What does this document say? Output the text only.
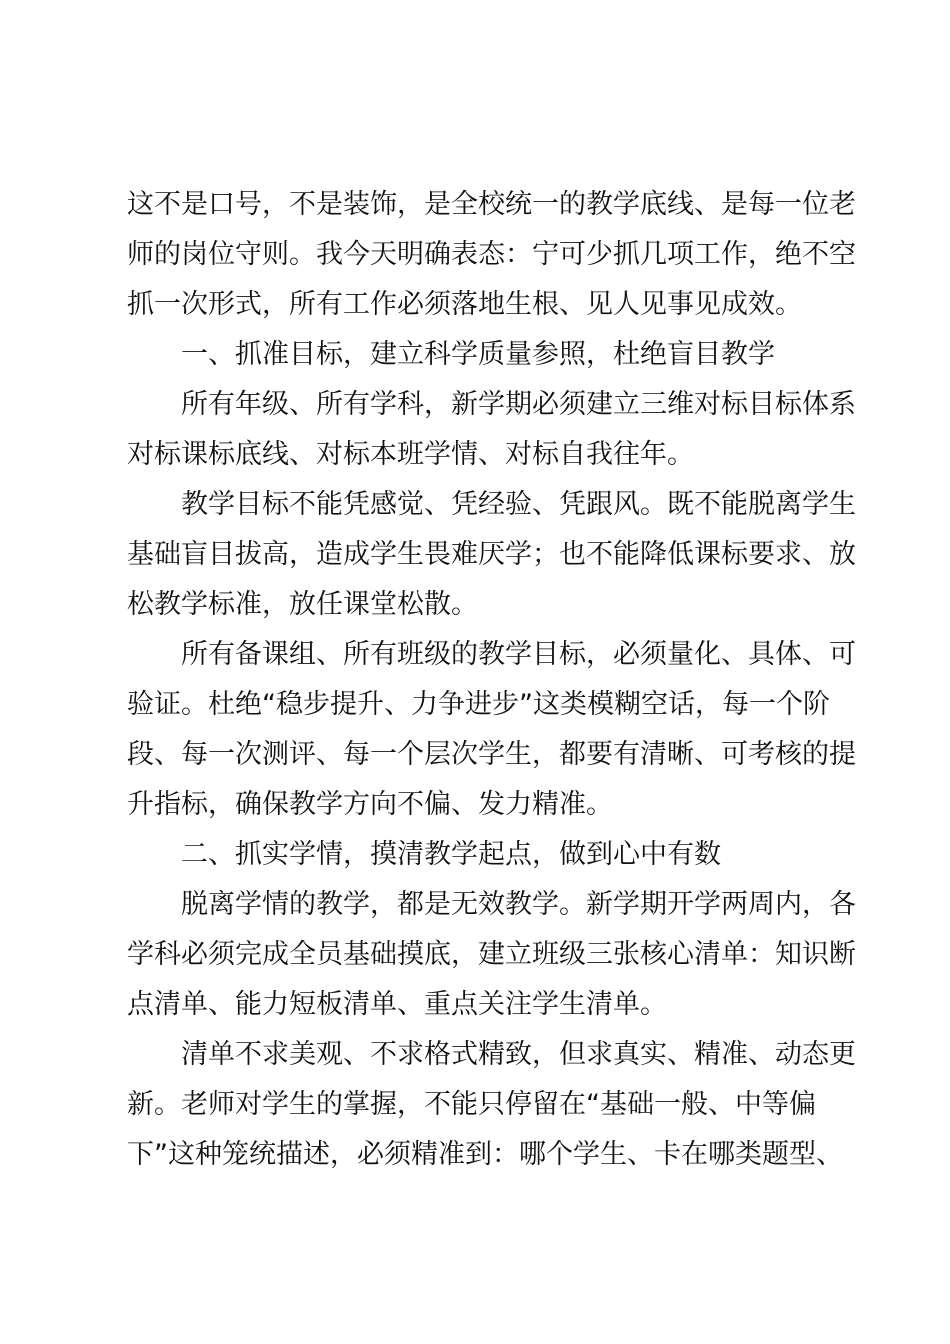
这不是口号，不是装饰，是全校统一的教学底线、是每一位老
师的岗位守则。我今天明确表态：宁可少抓几项工作，绝不空
抓一次形式，所有工作必须落地生根、见人见事见成效。
一、抓准目标，建立科学质量参照，杜绝盲目教学
所有年级、所有学科，新学期必须建立三维对标目标体系
对标课标底线、对标本班学情、对标自我往年。
教学目标不能凭感觉、凭经验、凭跟风。既不能脱离学生
基础盲目拔高，造成学生畏难厌学；也不能降低课标要求、放
松教学标准，放任课堂松散。
所有备课组、所有班级的教学目标，必须量化、具体、可
验证。杜绝“稳步提升、力争进步”这类模糊空话，每一个阶
段、每一次测评、每一个层次学生，都要有清晰、可考核的提
升指标，确保教学方向不偏、发力精准。
二、抓实学情，摸清教学起点，做到心中有数
脱离学情的教学，都是无效教学。新学期开学两周内，各
学科必须完成全员基础摸底，建立班级三张核心清单：知识断
点清单、能力短板清单、重点关注学生清单。
清单不求美观、不求格式精致，但求真实、精准、动态更
新。老师对学生的掌握，不能只停留在“基础一般、中等偏
下”这种笼统描述，必须精准到：哪个学生、卡在哪类题型、
